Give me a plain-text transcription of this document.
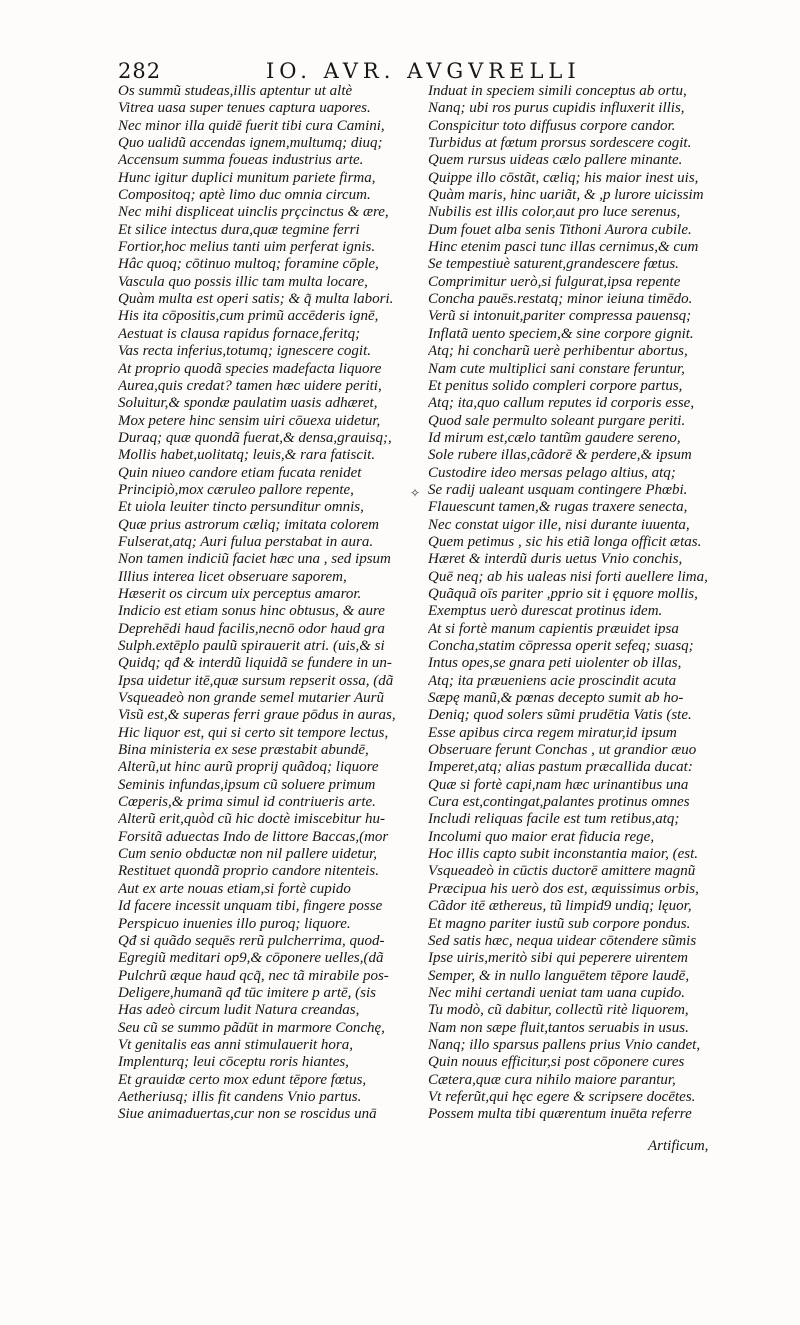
282	IO. AVR. AVGVRELLI
Os summũ studeas,illis aptentur ut altè
Vitrea uasa super tenues captura uapores.
Nec minor illa quidē fuerit tibi cura Camini,
Quo ualidũ accendas ignem,multumq; diuq;
Accensum summa foueas industrius arte.
Hunc igitur duplici munitum pariete firma,
Compositoq; aptè limo duc omnia circum.
Nec mihi displiceat uinclis prçcinctus & ære,
Et silice intectus dura,quæ tegmine ferri
Fortior,hoc melius tanti uim perferat ignis.
Hâc quoq; cōtinuo multoq; foramine cōple,
Vascula quo possis illic tam multa locare,
Quàm multa est operi satis; & q̃ multa labori.
His ita cōpositis,cum primũ accēderis ignē,
Aestuat is clausa rapidus fornace,feritq;
Vas recta inferius,totumq; ignescere cogit.
At proprio quodã species madefacta liquore
Aurea,quis credat? tamen hæc uidere periti,
Soluitur,& spondæ paulatim uasis adhæret,
Mox petere hinc sensim uiri cōuexa uidetur,
Duraq; quæ quondã fuerat,& densa,grauisq;,
Mollis habet,uolitatq; leuis,& rara fatiscit.
Quin niueo candore etiam fucata renidet
Principiò,mox cæruleo pallore repente,
Et uiola leuiter tincto persunditur omnis,
Quæ prius astrorum cæliq; imitata colorem
Fulserat,atq; Auri fulua perstabat in aura.
Non tamen indiciũ faciet hæc una , sed ipsum
Illius interea licet obseruare saporem,
Hæserit os circum uix perceptus amaror.
Indicio est etiam sonus hinc obtusus, & aure
Deprehēdi haud facilis,necnō odor haud gra
Sulph.extēplo paulũ spirauerit atri. (uis,& si
Quidq; qđ & interdũ liquidã se fundere in un-
Ipsa uidetur itē,quæ sursum repserit ossa, (dã
Vsqueadeò non grande semel mutarier Aurũ
Visũ est,& superas ferri graue pōdus in auras,
Hic liquor est, qui si certo sit tempore lectus,
Bina ministeria ex sese præstabit abundē,
Alterũ,ut hinc aurũ proprij quãdoq; liquore
Seminis infundas,ipsum cũ soluere primum
Cœperis,& prima simul id contriueris arte.
Alterũ erit,quòd cũ hic doctè imiscebitur hu-
Forsitã aduectas Indo de littore Baccas,(mor
Cum senio obductæ non nil pallere uidetur,
Restituet quondã proprio candore nitenteis.
Aut ex arte nouas etiam,si fortè cupido
Id facere incessit unquam tibi, fingere posse
Perspicuo inuenies illo puroq; liquore.
Qđ si quãdo sequēs rerũ pulcherrima, quod-
Egregiũ meditari op9,& cōponere uelles,(dã
Pulchrũ æque haud qcq̃, nec tã mirabile pos-
Deligere,humanã qđ tūc imitere p artē, (sis
Has adeò circum ludit Natura creandas,
Seu cũ se summo pãdūt in marmore Conchę,
Vt genitalis eas anni stimulauerit hora,
Implenturq; leui cōceptu roris hiantes,
Et grauidæ certo mox edunt tēpore fœtus,
Aetheriusq; illis fit candens Vnio partus.
Siue animaduertas,cur non se roscidus unā
Induat in speciem simili conceptus ab ortu,
Nanq; ubi ros purus cupidis influxerit illis,
Conspicitur toto diffusus corpore candor.
Turbidus at fœtum prorsus sordescere cogit.
Quem rursus uideas cælo pallere minante.
Quippe illo cōstãt, cæliq; his maior inest uis,
Quàm maris, hinc uariãt, & ,p lurore uicissim
Nubilis est illis color,aut pro luce serenus,
Dum fouet alba senis Tithoni Aurora cubile.
Hinc etenim pasci tunc illas cernimus,& cum
Se tempestiuè saturent,grandescere fœtus.
Comprimitur uerò,si fulgurat,ipsa repente
Concha pauēs.restatq; minor ieiuna timēdo.
Verũ si intonuit,pariter compressa pauensq;
Inflatã uento speciem,& sine corpore gignit.
Atq; hi concharũ uerè perhibentur abortus,
Nam cute multiplici sani constare feruntur,
Et penitus solido compleri corpore partus,
Atq; ita,quo callum reputes id corporis esse,
Quod sale permulto soleant purgare periti.
Id mirum est,cælo tantũm gaudere sereno,
Sole rubere illas,cãdorē & perdere,& ipsum
Custodire ideo mersas pelago altius, atq;
Se radij ualeant usquam contingere Phœbi.
Flauescunt tamen,& rugas traxere senecta,
Nec constat uigor ille, nisi durante iuuenta,
Quem petimus , sic his etiã longa officit ætas.
Hæret & interdũ duris uetus Vnio conchis,
Quē neq; ab his ualeas nisi forti auellere lima,
Quãquã oīs pariter ,pprio sit i ęquore mollis,
Exemptus uerò durescat protinus idem.
At si fortè manum capientis præuidet ipsa
Concha,statim cōpressa operit sefeq; suasq;
Intus opes,se gnara peti uiolenter ob illas,
Atq; ita præueniens acie proscindit acuta
Sæpę manũ,& pœnas decepto sumit ab ho-
Deniq; quod solers sũmi prudētia Vatis (ste.
Esse apibus circa regem miratur,id ipsum
Obseruare ferunt Conchas , ut grandior æuo
Imperet,atq; alias pastum præcallida ducat:
Quæ si fortè capi,nam hæc urinantibus una
Cura est,contingat,palantes protinus omnes
Includi reliquas facile est tum retibus,atq;
Incolumi quo maior erat fiducia rege,
Hoc illis capto subit inconstantia maior, (est.
Vsqueadeò in cūctis ductorē amittere magnũ
Præcipua his uerò dos est, æquissimus orbis,
Cãdor itē æthereus, tũ limpid9 undiq; lęuor,
Et magno pariter iustũ sub corpore pondus.
Sed satis hæc, nequa uidear cōtendere sũmis
Ipse uiris,meritò sibi qui peperere uirentem
Semper, & in nullo languētem tēpore laudē,
Nec mihi certandi ueniat tam uana cupido.
Tu modò, cũ dabitur, collectũ ritè liquorem,
Nam non sæpe fluit,tantos seruabis in usus.
Nanq; illo sparsus pallens prius Vnio candet,
Quin nouus efficitur,si post cōponere cures
Cætera,quæ cura nihilo maiore parantur,
Vt referũt,qui hęc egere & scripsere docētes.
Possem multa tibi quærentum inuēta referre
✧
Artificum,
